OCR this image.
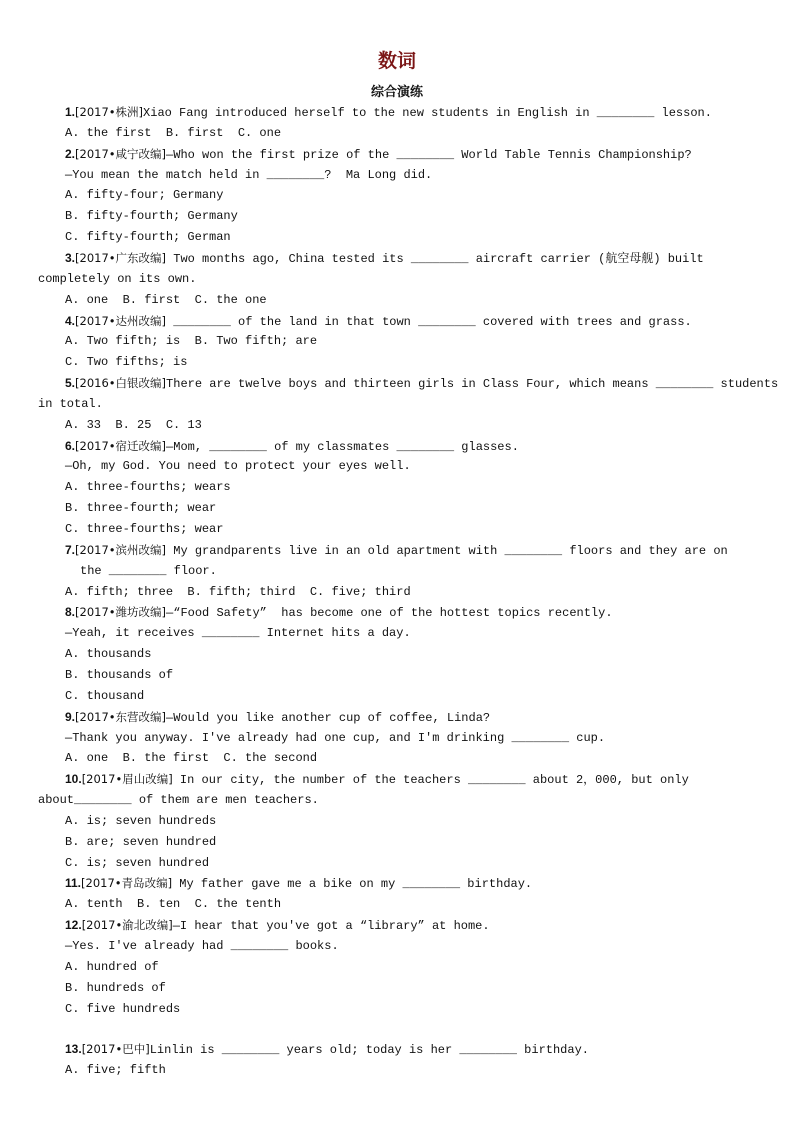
数词
综合演练
1.[2017•株洲]Xiao Fang introduced herself to the new students in English in ________ lesson.
A. the first  B. first  C. one
2.[2017•咸宁改编]—Who won the first prize of the ________ World Table Tennis Championship?
—You mean the match held in ________?  Ma Long did.
A. fifty-four; Germany
B. fifty-fourth; Germany
C. fifty-fourth; German
3.[2017•广东改编] Two months ago, China tested its ________ aircraft carrier (航空母舰) built
completely on its own.
A. one  B. first  C. the one
4.[2017•达州改编] ________ of the land in that town ________ covered with trees and grass.
A. Two fifth; is  B. Two fifth; are
C. Two fifths; is
5.[2016•白银改编]There are twelve boys and thirteen girls in Class Four, which means ________ students
in total.
A. 33  B. 25  C. 13
6.[2017•宿迁改编]—Mom, ________ of my classmates ________ glasses.
—Oh, my God. You need to protect your eyes well.
A. three-fourths; wears
B. three-fourth; wear
C. three-fourths; wear
7.[2017•滨州改编] My grandparents live in an old apartment with ________ floors and they are on
the ________ floor.
A. fifth; three  B. fifth; third  C. five; third
8.[2017•潍坊改编]—“Food Safety”  has become one of the hottest topics recently.
—Yeah, it receives ________ Internet hits a day.
A. thousands
B. thousands of
C. thousand
9.[2017•东营改编]—Would you like another cup of coffee, Linda?
—Thank you anyway. I've already had one cup, and I'm drinking ________ cup.
A. one  B. the first  C. the second
10.[2017•眉山改编] In our city, the number of the teachers ________ about 2，000, but only
about________ of them are men teachers.
A. is; seven hundreds
B. are; seven hundred
C. is; seven hundred
11.[2017•青岛改编] My father gave me a bike on my ________ birthday.
A. tenth  B. ten  C. the tenth
12.[2017•渝北改编]—I hear that you've got a “library” at home.
—Yes. I've already had ________ books.
A. hundred of
B. hundreds of
C. five hundreds
13.[2017•巴中]Linlin is ________ years old; today is her ________ birthday.
A. five; fifth
